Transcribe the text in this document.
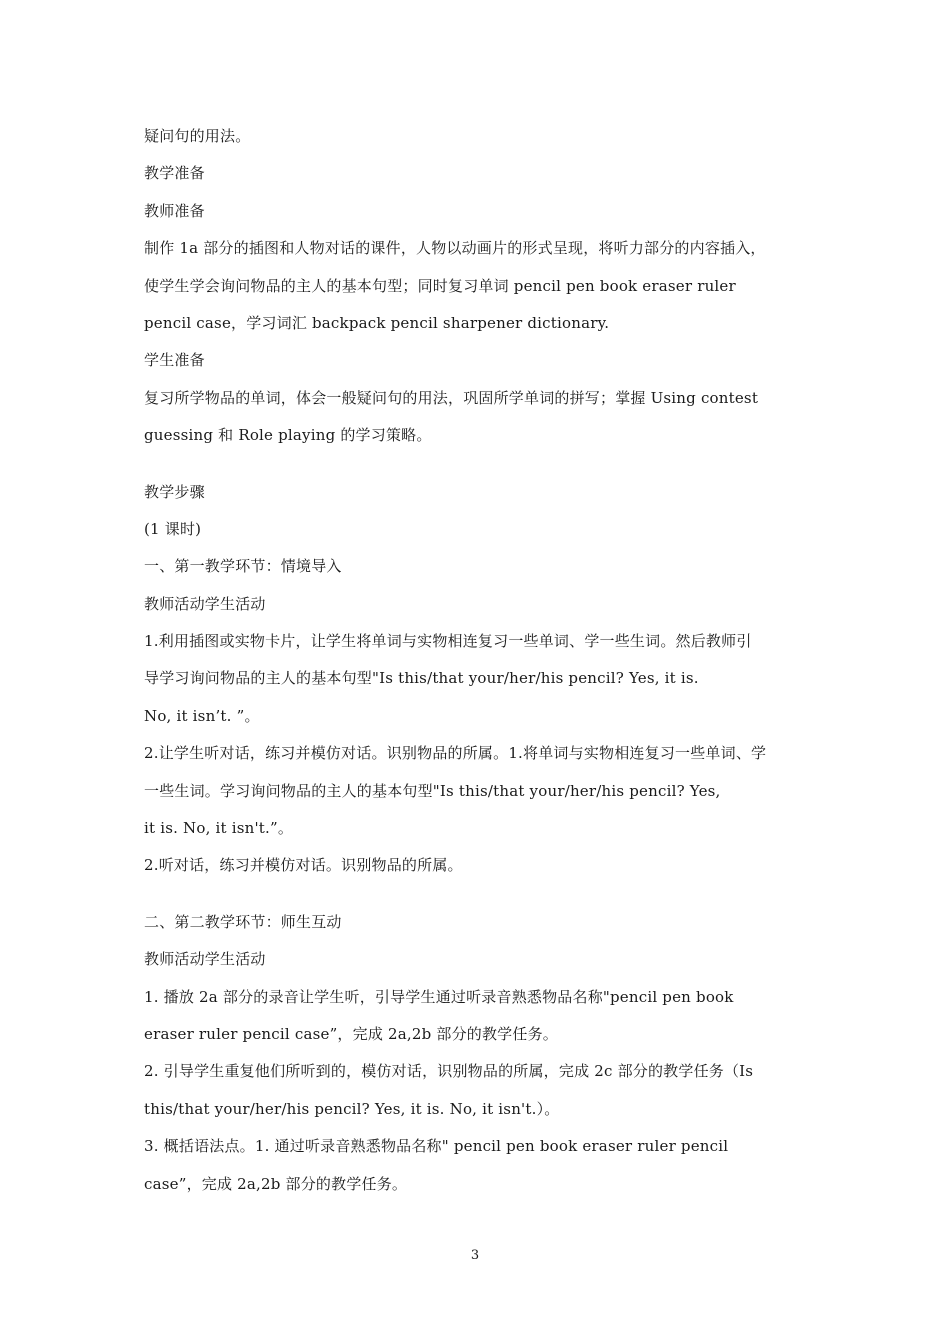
疑问句的用法。
教学准备
教师准备
制作 1a 部分的插图和人物对话的课件，人物以动画片的形式呈现，将听力部分的内容插入，
使学生学会询问物品的主人的基本句型；同时复习单词 pencil pen book eraser ruler
pencil case，学习词汇 backpack pencil sharpener dictionary.
学生准备
复习所学物品的单词，体会一般疑问句的用法，巩固所学单词的拼写；掌握 Using contest
guessing 和 Role playing 的学习策略。
教学步骤
(1 课时)
一、第一教学环节：情境导入
教师活动学生活动
1.利用插图或实物卡片，让学生将单词与实物相连复习一些单词、学一些生词。然后教师引
导学习询问物品的主人的基本句型"Is this/that your/her/his pencil? Yes, it is.
No, it isn’t. ”。
2.让学生听对话，练习并模仿对话。识别物品的所属。1.将单词与实物相连复习一些单词、学
一些生词。学习询问物品的主人的基本句型"Is this/that your/her/his pencil? Yes,
it is. No, it isn't.”。
2.听对话，练习并模仿对话。识别物品的所属。
二、第二教学环节：师生互动
教师活动学生活动
1. 播放 2a 部分的录音让学生听，引导学生通过听录音熟悉物品名称"pencil pen book
eraser ruler pencil case”，完成 2a,2b 部分的教学任务。
2. 引导学生重复他们所听到的，模仿对话，识别物品的所属，完成 2c 部分的教学任务（Is
this/that your/her/his pencil? Yes, it is. No, it isn't.）。
3. 概括语法点。1. 通过听录音熟悉物品名称" pencil pen book eraser ruler pencil
case”，完成 2a,2b 部分的教学任务。
3
